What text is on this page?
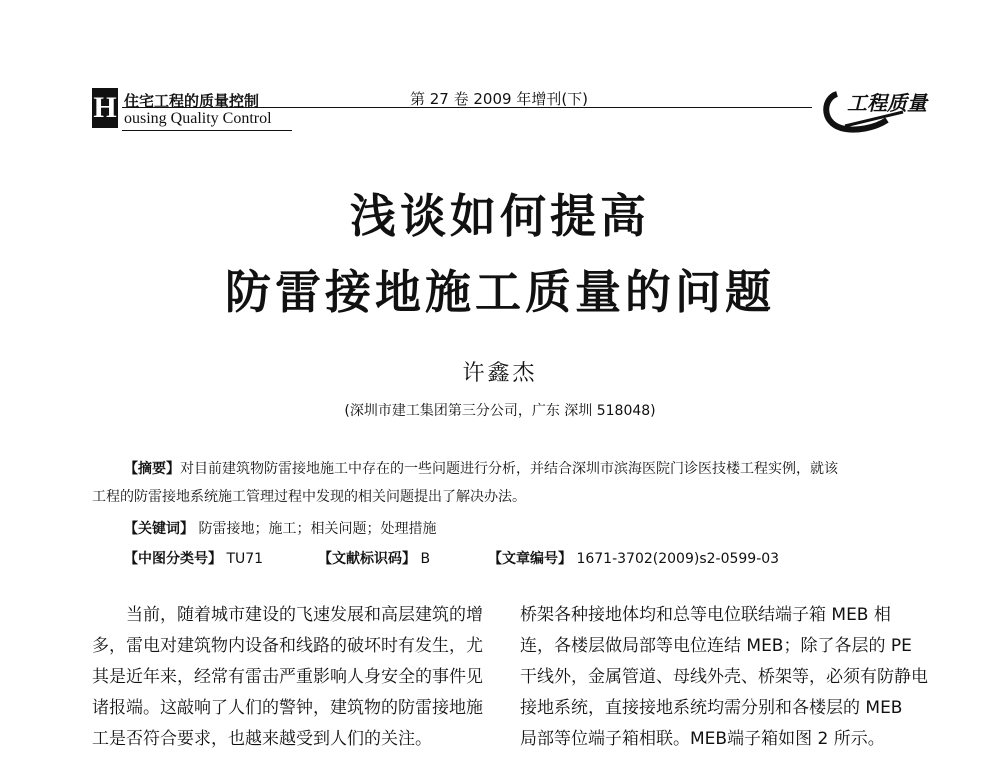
H 住宅工程的质量控制
ousing Quality Control
第 27 卷 2009 年增刊(下)	工程质量
浅谈如何提高
防雷接地施工质量的问题
许鑫杰
(深圳市建工集团第三分公司，广东 深圳 518048)
【摘要】对目前建筑物防雷接地施工中存在的一些问题进行分析，并结合深圳市滨海医院门诊医技楼工程实例，就该
工程的防雷接地系统施工管理过程中发现的相关问题提出了解决办法。
【关键词】 防雷接地；施工；相关问题；处理措施
【中图分类号】 TU71	【文献标识码】 B	【文章编号】 1671-3702(2009)s2-0599-03
　　当前，随着城市建设的飞速发展和高层建筑的增
多，雷电对建筑物内设备和线路的破坏时有发生，尤
其是近年来，经常有雷击严重影响人身安全的事件见
诸报端。这敲响了人们的警钟，建筑物的防雷接地施
工是否符合要求，也越来越受到人们的关注。
桥架各种接地体均和总等电位联结端子箱 MEB 相
连，各楼层做局部等电位连结 MEB；除了各层的 PE
干线外，金属管道、母线外壳、桥架等，必须有防静电
接地系统，直接接地系统均需分别和各楼层的 MEB
局部等位端子箱相联。MEB端子箱如图 2 所示。
